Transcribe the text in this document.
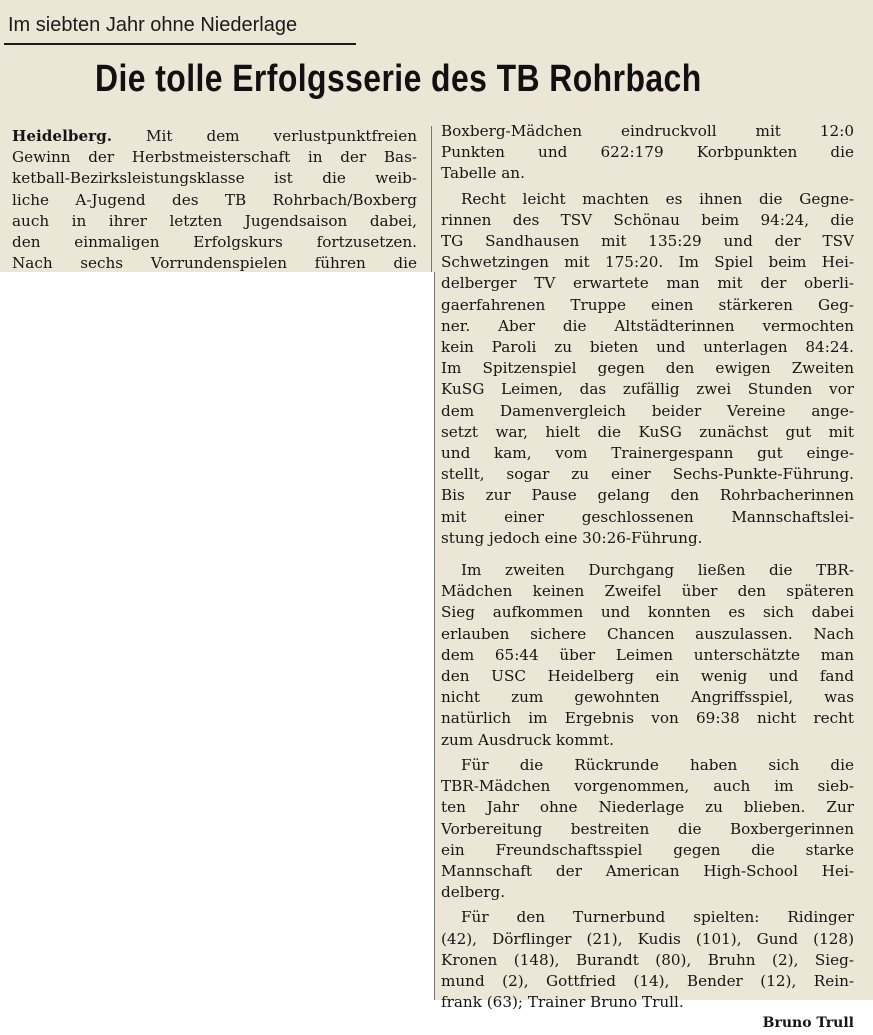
Im siebten Jahr ohne Niederlage
Die tolle Erfolgsserie des TB Rohrbach
Heidelberg. Mit dem verlustpunktfreien
Gewinn der Herbstmeisterschaft in der Bas-
ketball-Bezirksleistungsklasse ist die weib-
liche A-Jugend des TB Rohrbach/Boxberg
auch in ihrer letzten Jugendsaison dabei,
den einmaligen Erfolgskurs fortzusetzen.
Nach sechs Vorrundenspielen führen die
Boxberg-Mädchen eindruckvoll mit 12:0
Punkten und 622:179 Korbpunkten die
Tabelle an.
Recht leicht machten es ihnen die Gegne-
rinnen des TSV Schönau beim 94:24, die
TG Sandhausen mit 135:29 und der TSV
Schwetzingen mit 175:20. Im Spiel beim Hei-
delberger TV erwartete man mit der oberli-
gaerfahrenen Truppe einen stärkeren Geg-
ner. Aber die Altstädterinnen vermochten
kein Paroli zu bieten und unterlagen 84:24.
Im Spitzenspiel gegen den ewigen Zweiten
KuSG Leimen, das zufällig zwei Stunden vor
dem Damenvergleich beider Vereine ange-
setzt war, hielt die KuSG zunächst gut mit
und kam, vom Trainergespann gut einge-
stellt, sogar zu einer Sechs-Punkte-Führung.
Bis zur Pause gelang den Rohrbacherinnen
mit einer geschlossenen Mannschaftslei-
stung jedoch eine 30:26-Führung.
Im zweiten Durchgang ließen die TBR-
Mädchen keinen Zweifel über den späteren
Sieg aufkommen und konnten es sich dabei
erlauben sichere Chancen auszulassen. Nach
dem 65:44 über Leimen unterschätzte man
den USC Heidelberg ein wenig und fand
nicht zum gewohnten Angriffsspiel, was
natürlich im Ergebnis von 69:38 nicht recht
zum Ausdruck kommt.
Für die Rückrunde haben sich die
TBR-Mädchen vorgenommen, auch im sieb-
ten Jahr ohne Niederlage zu blieben. Zur
Vorbereitung bestreiten die Boxbergerinnen
ein Freundschaftsspiel gegen die starke
Mannschaft der American High-School Hei-
delberg.
Für den Turnerbund spielten: Ridinger
(42), Dörflinger (21), Kudis (101), Gund (128)
Kronen (148), Burandt (80), Bruhn (2), Sieg-
mund (2), Gottfried (14), Bender (12), Rein-
frank (63); Trainer Bruno Trull.
Bruno Trull
